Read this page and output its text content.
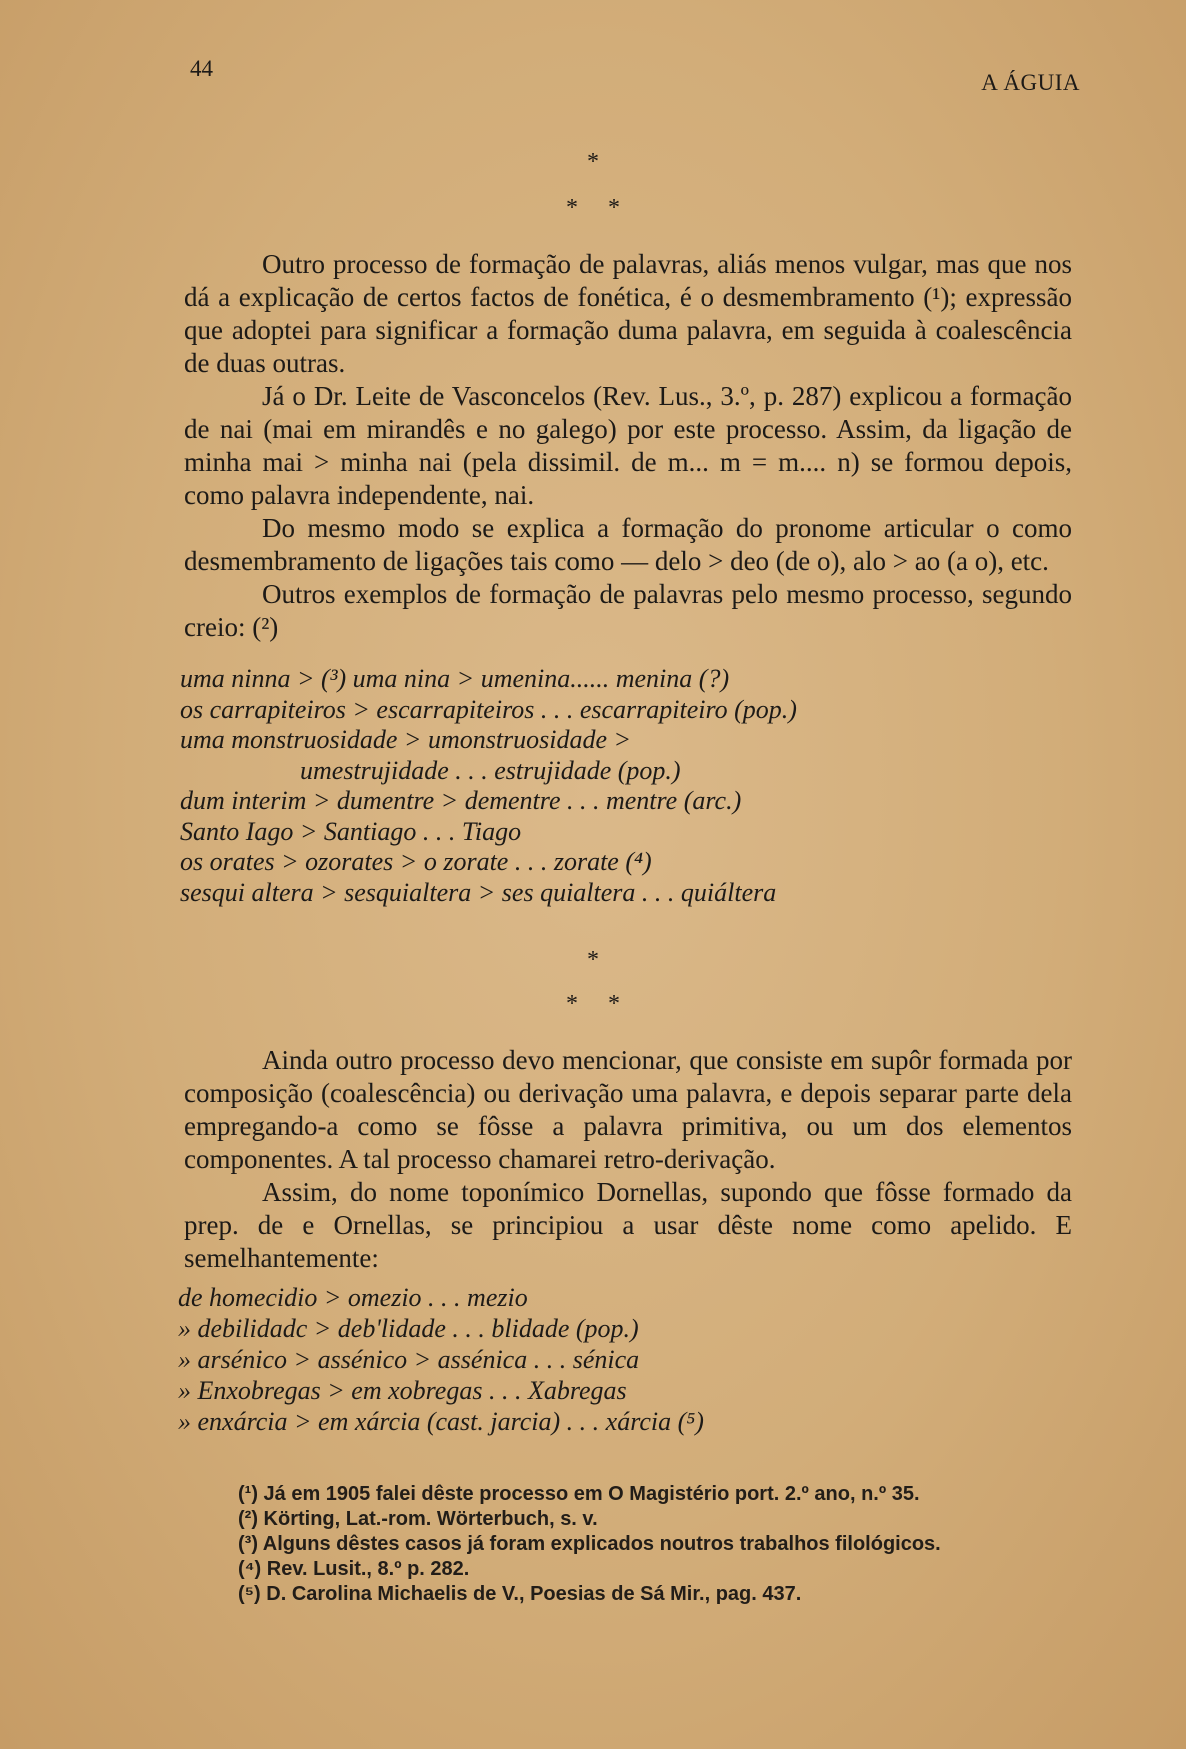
44
A ÁGUIA
*
*     *

Outro processo de formação de palavras, aliás menos vulgar, mas que nos dá a explicação de certos factos de fonética, é o desmembramento (¹); expressão que adoptei para significar a formação duma palavra, em seguida à coalescência de duas outras.

Já o Dr. Leite de Vasconcelos (Rev. Lus., 3.º, p. 287) explicou a formação de nai (mai em mirandês e no galego) por este processo. Assim, da ligação de minha mai > minha nai (pela dissimil. de m... m = m.... n) se formou depois, como palavra independente, nai.

Do mesmo modo se explica a formação do pronome articular o como desmembramento de ligações tais como — delo > deo (de o), alo > ao (a o), etc.

Outros exemplos de formação de palavras pelo mesmo processo, segundo creio: (²)

uma ninna > (³) uma nina > umenina...... menina (?)
os carrapiteiros > escarrapiteiros . . . escarrapiteiro (pop.)
uma monstruosidade > umonstruosidade >
umestrujidade . . . estrujidade (pop.)
dum interim > dumentre > dementre . . . mentre (arc.)
Santo Iago > Santiago . . . Tiago
os orates > ozorates > o zorate . . . zorate (⁴)
sesqui altera > sesquialtera > ses quialtera . . . quiáltera
*
*     *

Ainda outro processo devo mencionar, que consiste em supôr formada por composição (coalescência) ou derivação uma palavra, e depois separar parte dela empregando-a como se fôsse a palavra primitiva, ou um dos elementos componentes. A tal processo chamarei retro-derivação.

Assim, do nome toponímico Dornellas, supondo que fôsse formado da prep. de e Ornellas, se principiou a usar dêste nome como apelido. E semelhantemente:

de homecidio > omezio . . . mezio
» debilidadc > deb'lidade . . . blidade (pop.)
» arsénico > assénico > assénica . . . sénica
» Enxobregas > em xobregas . . . Xabregas
» enxárcia > em xárcia (cast. jarcia) . . . xárcia (⁵)
(¹) Já em 1905 falei dêste processo em O Magistério port. 2.º ano, n.º 35.
(²) Körting, Lat.-rom. Wörterbuch, s. v.
(³) Alguns dêstes casos já foram explicados noutros trabalhos filológicos.
(⁴) Rev. Lusit., 8.º p. 282.
(⁵) D. Carolina Michaelis de V., Poesias de Sá Mir., pag. 437.
